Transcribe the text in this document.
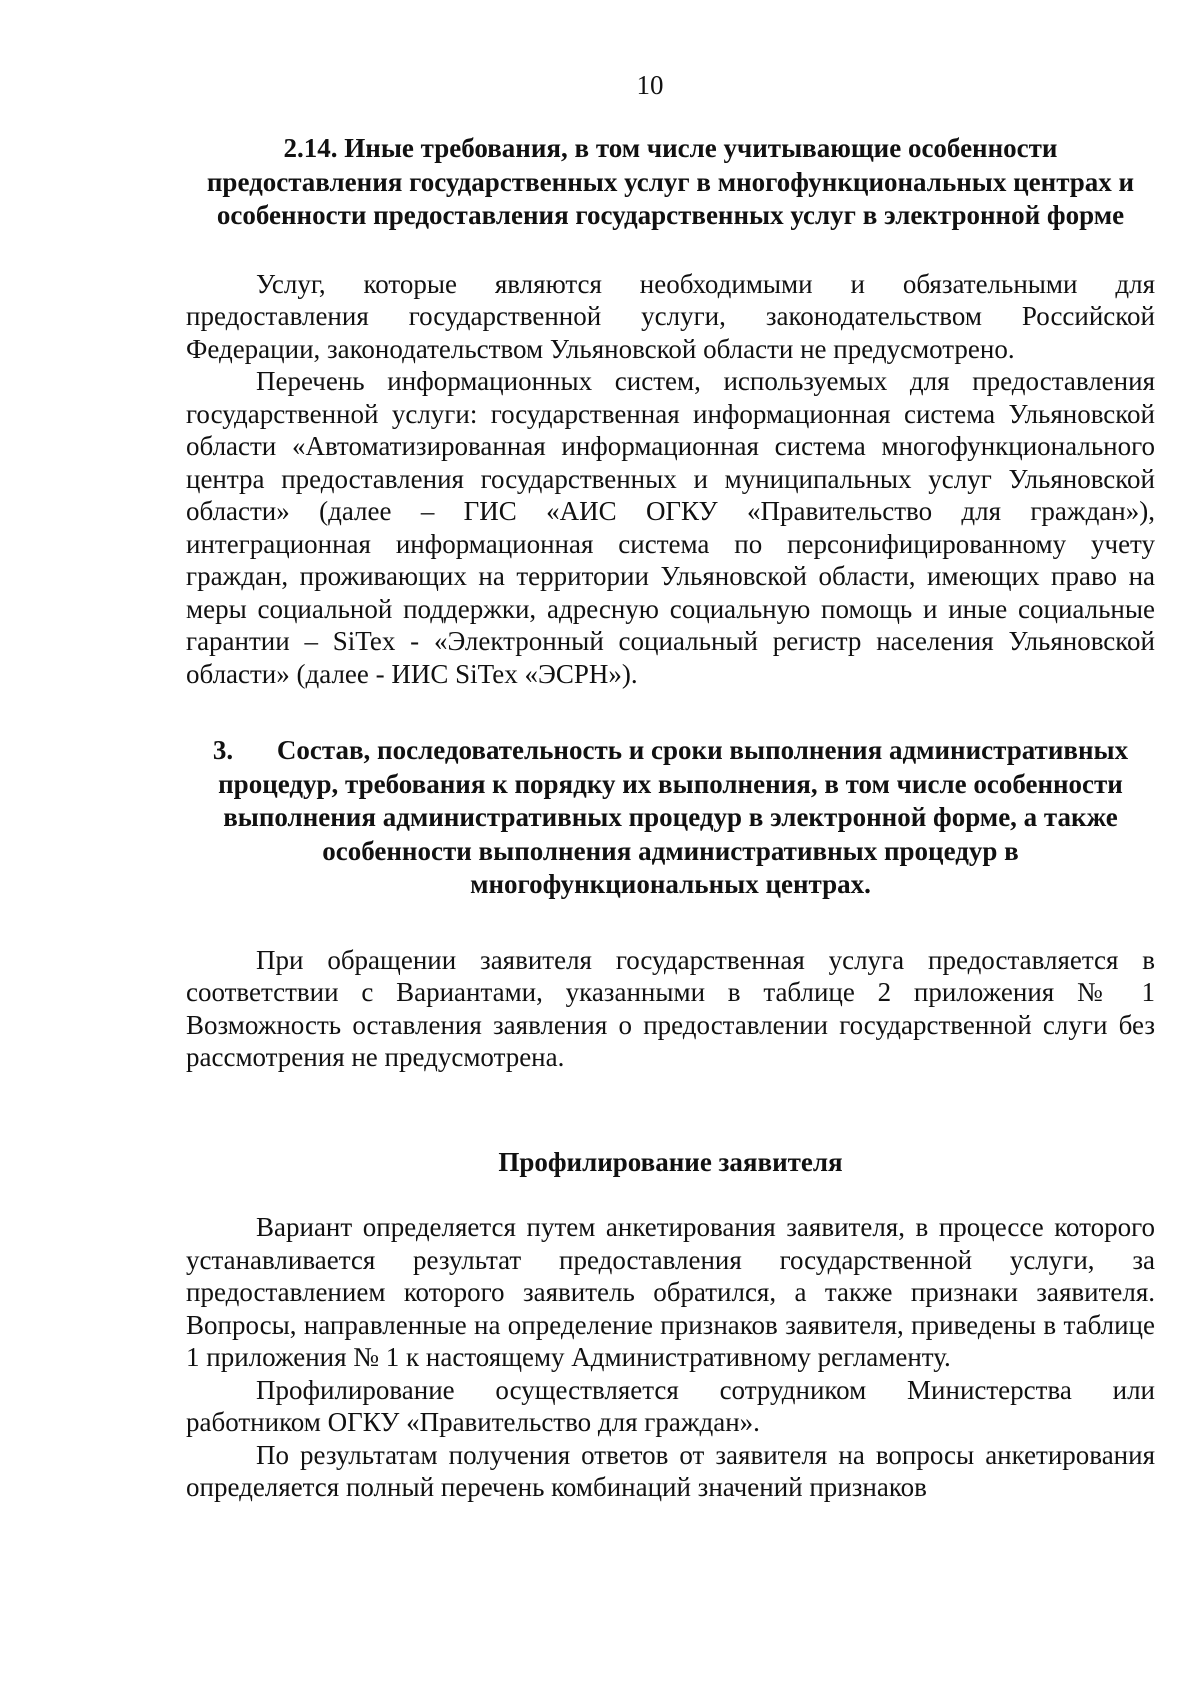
10
2.14. Иные требования, в том числе учитывающие особенности предоставления государственных услуг в многофункциональных центрах и особенности предоставления государственных услуг в электронной форме

Услуг, которые являются необходимыми и обязательными для предоставления государственной услуги, законодательством Российской Федерации, законодательством Ульяновской области не предусмотрено.

Перечень информационных систем, используемых для предоставления государственной услуги: государственная информационная система Ульяновской области «Автоматизированная информационная система многофункционального центра предоставления государственных и муниципальных услуг Ульяновской области» (далее – ГИС «АИС ОГКУ «Правительство для граждан»), интеграционная информационная система по персонифицированному учету граждан, проживающих на территории Ульяновской области, имеющих право на меры социальной поддержки, адресную социальную помощь и иные социальные гарантии – SiTex - «Электронный социальный регистр населения Ульяновской области» (далее - ИИС SiTex «ЭСРН»).

3. Состав, последовательность и сроки выполнения административных процедур, требования к порядку их выполнения, в том числе особенности выполнения административных процедур в электронной форме, а также особенности выполнения административных процедур в многофункциональных центрах.

При обращении заявителя государственная услуга предоставляется в соответствии с Вариантами, указанными в таблице 2 приложения № 1 Возможность оставления заявления о предоставлении государственной слуги без рассмотрения не предусмотрена.

Профилирование заявителя

Вариант определяется путем анкетирования заявителя, в процессе которого устанавливается результат предоставления государственной услуги, за предоставлением которого заявитель обратился, а также признаки заявителя. Вопросы, направленные на определение признаков заявителя, приведены в таблице 1 приложения № 1 к настоящему Административному регламенту.

Профилирование осуществляется сотрудником Министерства или работником ОГКУ «Правительство для граждан».

По результатам получения ответов от заявителя на вопросы анкетирования определяется полный перечень комбинаций значений признаков
